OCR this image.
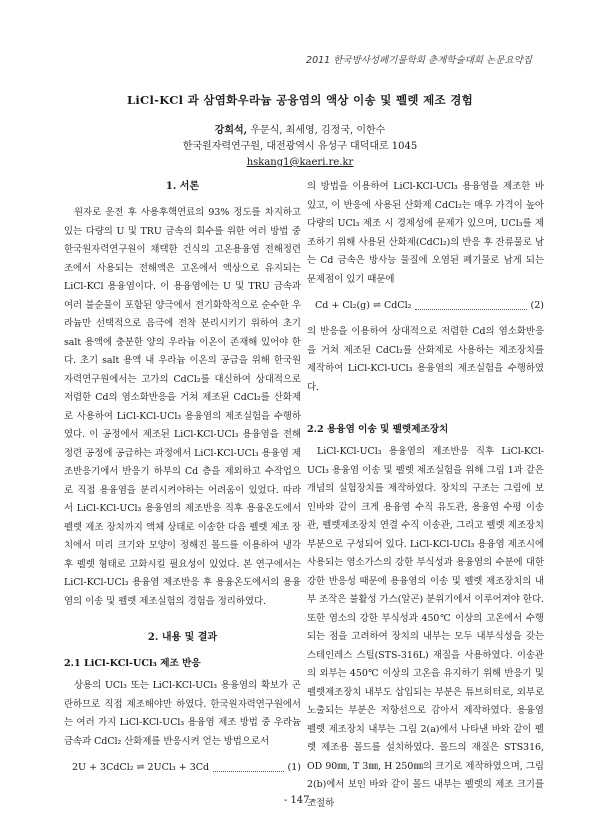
2011 한국방사성폐기물학회 춘계학술대회 논문요약집
LiCl-KCl 과 삼염화우라늄 공융염의 액상 이송 및 펠렛 제조 경험
강희석, 우문식, 최세영, 김정국, 이한수
한국원자력연구원, 대전광역시 유성구 대덕대로 1045
hskang1@kaeri.re.kr
1. 서론

원자로 운전 후 사용후핵연료의 93% 정도를 차지하고 있는 다량의 U 및 TRU 금속의 회수를 위한 여러 방법 중 한국원자력연구원이 채택한 건식의 고온용융염 전해정련 조에서 사용되는 전해액은 고온에서 액상으로 유지되는 LiCl-KCl 용융염이다. 이 용융염에는 U 및 TRU 금속과 여러 불순물이 포함된 양극에서 전기화학적으로 순수한 우라늄만 선택적으로 음극에 전착 분리시키기 위하여 초기 salt 용액에 충분한 양의 우라늄 이온이 존재해 있어야 한다. 초기 salt 용액 내 우라늄 이온의 공급을 위해 한국원자력연구원에서는 고가의 CdCl₂를 대신하여 상대적으로 저렴한 Cd의 염소화반응을 거쳐 제조된 CdCl₂를 산화제로 사용하여 LiCl-KCl-UCl₃ 용융염의 제조실험을 수행하였다. 이 공정에서 제조된 LiCl-KCl-UCl₃ 용융염을 전해정련 공정에 공급하는 과정에서 LiCl-KCl-UCl₃ 용융염 제조반응기에서 반응기 하부의 Cd 층을 제외하고 수작업으로 직접 용융염을 분리시켜야하는 어려움이 있었다. 따라서 LiCl-KCl-UCl₃ 용융염의 제조반응 직후 용융온도에서 펠렛 제조 장치까지 액체 상태로 이송한 다음 펠렛 제조 장치에서 미리 크기와 모양이 정해진 몰드를 이용하여 냉각 후 펠렛 형태로 고화시킬 필요성이 있었다. 본 연구에서는 LiCl-KCl-UCl₃ 용융염 제조반응 후 용융온도에서의 용융염의 이송 및 펠렛 제조실험의 경험을 정리하였다.

2. 내용 및 결과
2.1 LiCl-KCl-UCl₃ 제조 반응

상용의 UCl₃ 또는 LiCl-KCl-UCl₃ 용융염의 확보가 곤란하므로 직접 제조해야만 하였다. 한국원자력연구원에서는 여러 가지 LiCl-KCl-UCl₃ 용융염 제조 방법 중 우라늄 금속과 CdCl₂ 산화제를 반응시켜 얻는 방법으로서

2U + 3CdCl₂ ⇌ 2UCl₃ + 3Cd	(1)

의 방법을 이용하여 LiCl-KCl-UCl₃ 용융염을 제조한 바 있고, 이 반응에 사용된 산화제 CdCl₂는 매우 가격이 높아 다량의 UCl₃ 제조 시 경제성에 문제가 있으며, UCl₃를 제조하기 위해 사용된 산화제(CdCl₂)의 반응 후 잔류물로 남는 Cd 금속은 방사능 물질에 오염된 폐기물로 남게 되는 문제점이 있기 때문에

Cd + Cl₂(g) ⇌ CdCl₂	(2)

의 반응을 이용하여 상대적으로 저렴한 Cd의 염소화반응을 거쳐 제조된 CdCl₂를 산화제로 사용하는 제조장치를 제작하여 LiCl-KCl-UCl₃ 용융염의 제조실험을 수행하였다.

2.2 용융염 이송 및 펠렛제조장치

LiCl-KCl-UCl₃ 용융염의 제조반응 직후 LiCl-KCl-UCl₃ 용융염 이송 및 펠렛 제조실험을 위해 그림 1과 같은 개념의 실험장치를 제작하였다. 장치의 구조는 그림에 보인바와 같이 크게 용융염 수직 유도관, 용융염 수평 이송관, 펠렛제조장치 연결 수직 이송관, 그리고 펠렛 제조장치 부분으로 구성되어 있다. LiCl-KCl-UCl₃ 용융염 제조시에 사용되는 염소가스의 강한 부식성과 용융염의 수분에 대한 강한 반응성 때문에 용융염의 이송 및 펠렛 제조장치의 내부 조작은 불활성 가스(알곤) 분위기에서 이루어져야 한다. 또한 염소의 강한 부식성과 450℃ 이상의 고온에서 수행되는 점을 고려하여 장치의 내부는 모두 내부식성을 갖는 스테인레스 스틸(STS-316L) 재질을 사용하였다. 이송관의 외부는 450℃ 이상의 고온을 유지하기 위해 반응기 및 펠렛제조장치 내부도 삽입되는 부분은 튜브히터로, 외부로 노출되는 부분은 저항선으로 감아서 제작하였다. 용융염 펠렛 제조장치 내부는 그림 2(a)에서 나타낸 바와 같이 펠렛 제조용 몰드를 설치하였다. 몰드의 재질은 STS316, OD 90㎜, T 3㎜, H 250㎜의 크기로 제작하였으며, 그림 2(b)에서 보인 바와 같이 몰드 내부는 펠렛의 제조 크기를 조절하

- 147 -
